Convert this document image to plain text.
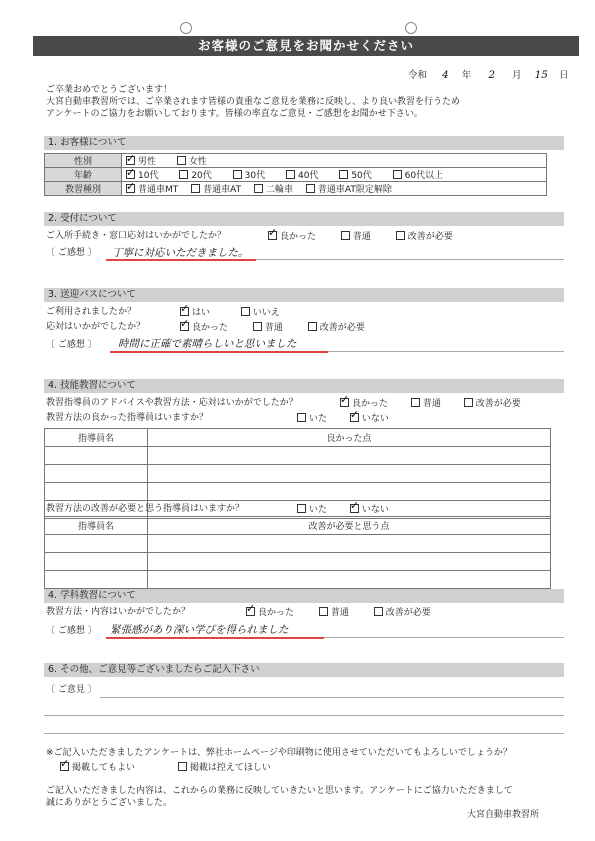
お客様のご意見をお聞かせください
令和 4 年 2 月 15 日
ご卒業おめでとうございます！
大宮自動車教習所では、ご卒業されます皆様の貴重なご意見を業務に反映し、より良い教習を行うため
アンケートのご協力をお願いしております。皆様の率直なご意見・ご感想をお聞かせ下さい。
1. お客様について
性別	✓男性 女性
年齢	✓10代 20代 30代 40代 50代 60代以上
教習種別	✓普通車MT 普通車AT 二輪車 普通車AT限定解除
2. 受付について
ご入所手続き・窓口応対はいかがでしたか？ ✓	良かった	普通	改善が必要
〔 ご感想 〕 丁寧に対応いただきました。
3. 送迎バスについて
ご利用されましたか？ ✓	はい	いいえ
応対はいかがでしたか？ ✓	良かった	普通	改善が必要
〔 ご感想 〕 時間に正確で素晴らしいと思いました
4. 技能教習について
教習指導員のアドバイスや教習方法・応対はいかがでしたか？ ✓	良かった	普通	改善が必要
教習方法の良かった指導員はいますか？	いた ✓	いない
指導員名	良かった点

教習方法の改善が必要と思う指導員はいますか？	いた ✓	いない
指導員名	改善が必要と思う点

4. 学科教習について
教習方法・内容はいかがでしたか？ ✓	良かった	普通	改善が必要
〔 ご感想 〕 緊張感があり深い学びを得られました
6. その他、ご意見等ございましたらご記入下さい
〔 ご意見 〕
※ご記入いただきましたアンケートは、弊社ホームページや印刷物に使用させていただいてもよろしいでしょうか？
✓掲載してもよい	掲載は控えてほしい
ご記入いただきました内容は、これからの業務に反映していきたいと思います。アンケートにご協力いただきまして
誠にありがとうございました。
大宮自動車教習所
